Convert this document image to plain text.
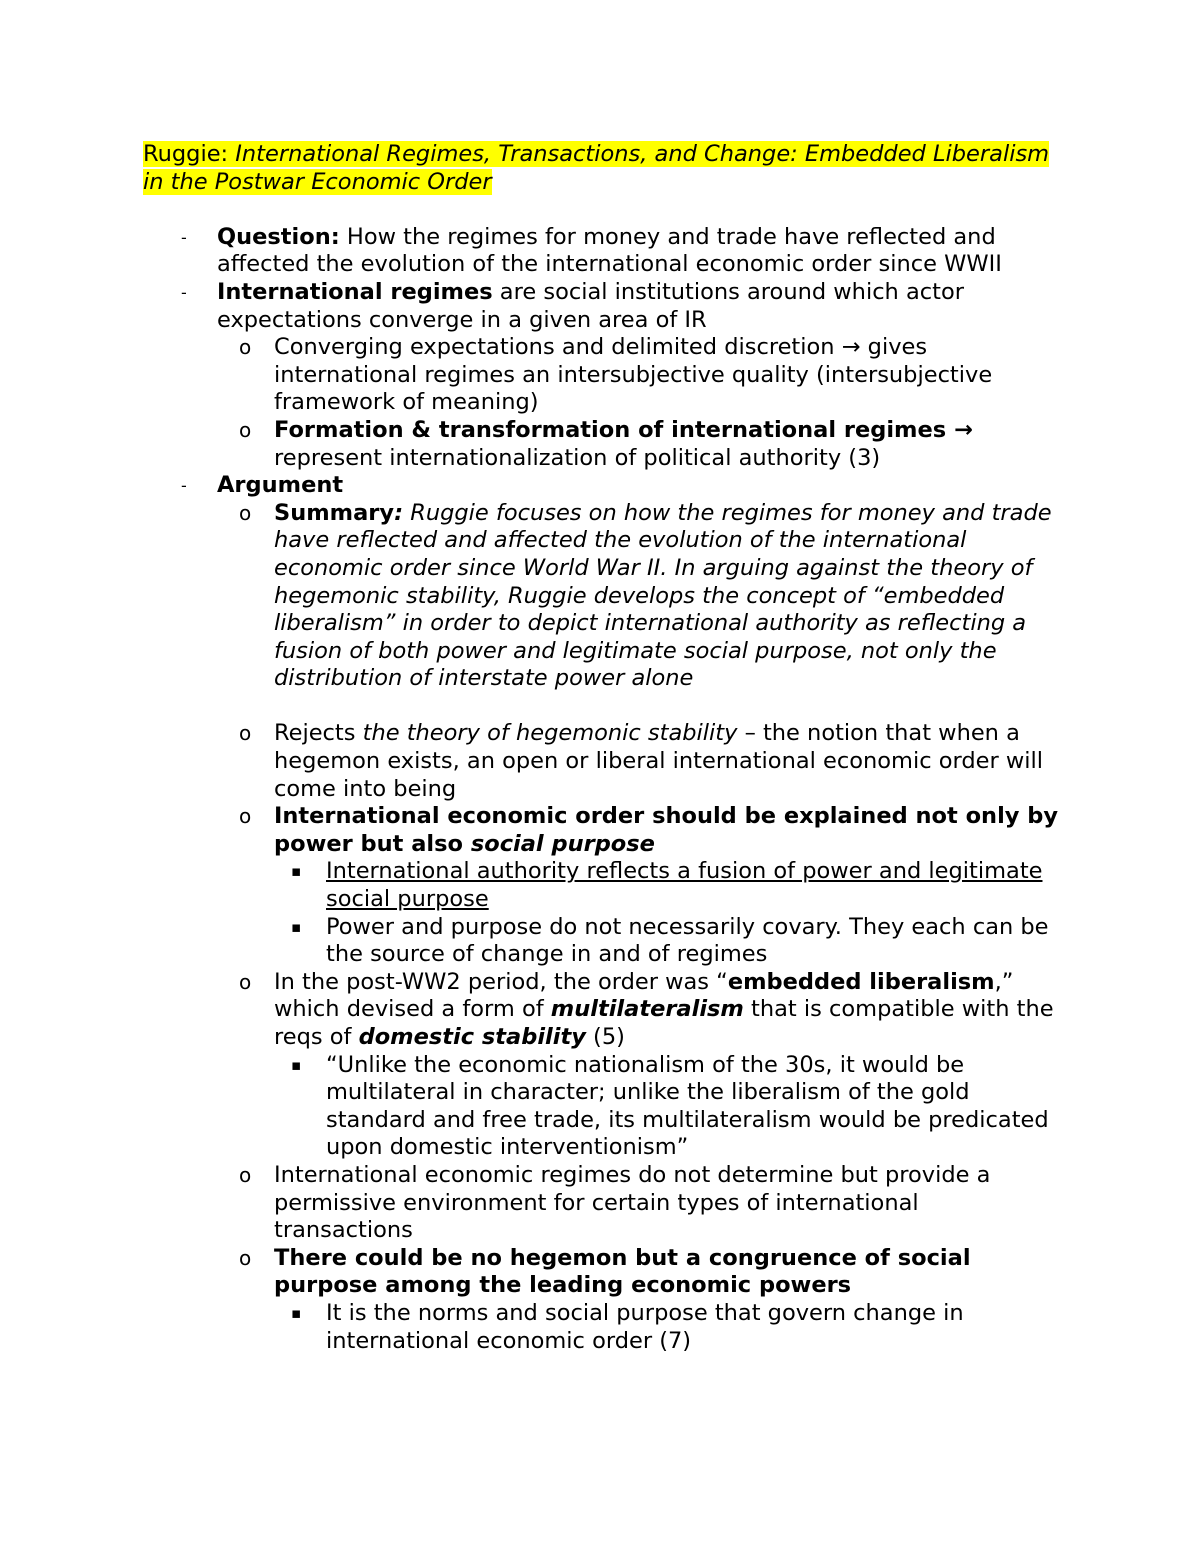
Ruggie: International Regimes, Transactions, and Change: Embedded Liberalism in the Postwar Economic Order

- Question: How the regimes for money and trade have reflected and affected the evolution of the international economic order since WWII
- International regimes are social institutions around which actor expectations converge in a given area of IR
o Converging expectations and delimited discretion → gives international regimes an intersubjective quality (intersubjective framework of meaning)
o Formation & transformation of international regimes → represent internationalization of political authority (3)
- Argument
o Summary: Ruggie focuses on how the regimes for money and trade have reflected and affected the evolution of the international economic order since World War II. In arguing against the theory of hegemonic stability, Ruggie develops the concept of “embedded liberalism” in order to depict international authority as reflecting a fusion of both power and legitimate social purpose, not only the distribution of interstate power alone
o Rejects the theory of hegemonic stability – the notion that when a hegemon exists, an open or liberal international economic order will come into being
o International economic order should be explained not only by power but also social purpose
▪ International authority reflects a fusion of power and legitimate social purpose
▪ Power and purpose do not necessarily covary. They each can be the source of change in and of regimes
o In the post-WW2 period, the order was “embedded liberalism,” which devised a form of multilateralism that is compatible with the reqs of domestic stability (5)
▪ “Unlike the economic nationalism of the 30s, it would be multilateral in character; unlike the liberalism of the gold standard and free trade, its multilateralism would be predicated upon domestic interventionism”
o International economic regimes do not determine but provide a permissive environment for certain types of international transactions
o There could be no hegemon but a congruence of social purpose among the leading economic powers
▪ It is the norms and social purpose that govern change in international economic order (7)
